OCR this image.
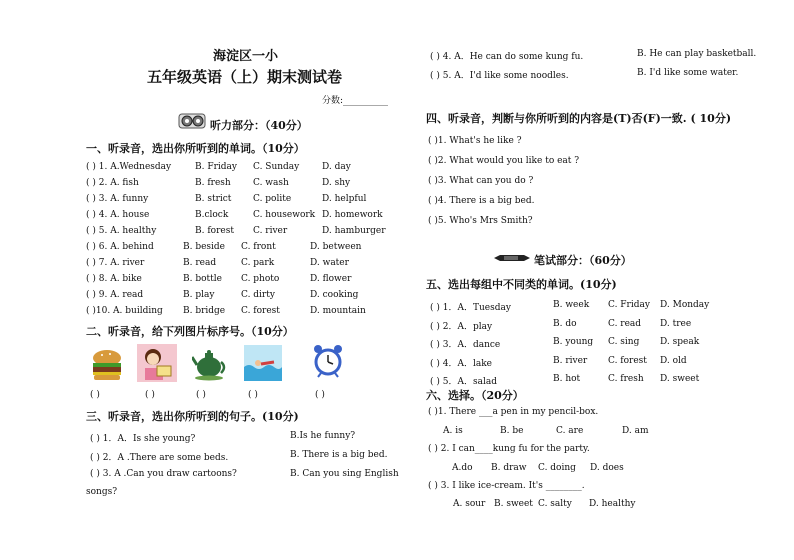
海淀区一小
五年级英语（上）期末测试卷
分数:__________
听力部分：（40分）
一、听录音，选出你所听到的单词。（10分）
( ) 1. A.Wednesday	B. Friday C. Sunday	D. day
( ) 2. A. fish	B. fresh C. wash	D. shy
( ) 3. A. funny	B. strict C. polite	D. helpful
( ) 4. A. house	B.clock	C. housework D. homework
( ) 5. A. healthy	B. forest C. river	D. hamburger
( ) 6. A. behind	B. beside C. front	D. between
( ) 7. A. river	B. read	C. park	D. water
( ) 8. A. bike	B. bottle C. photo	D. flower
( ) 9. A. read	B. play	C. dirty	D. cooking
( )10. A. building B. bridge C. forest	D. mountain
二、听录音，给下列图片标序号。（10分）
( )	( )	( )	( )	( )
三、听录音，选出你所听到的句子。(10分)
( ) 1．A．Is she young?	B.Is he funny?
( ) 2．A .There are some beds.	B. There is a big bed.
( ) 3. A .Can you draw cartoons?	B. Can you sing English
songs?
( ) 4. A．He can do some kung fu.	B. He can play basketball.
( ) 5. A．I'd like some noodles.	B. I'd like some water.
四、听录音，判断与你所听到的内容是(T)否(F)一致. ( 10分)
( )1. What's he like ?
( )2. What would you like to eat ?
( )3. What can you do ?
( )4. There is a big bed.
( )5. Who's Mrs Smith?
笔试部分：（60分）
五、选出每组中不同类的单词。(10分)
( ) 1．A．Tuesday	B. week C. Friday D. Monday
( ) 2．A．play	B. do	C. read D. tree
( ) 3．A．dance	B. young C. sing D. speak
( ) 4．A．lake	B. river C. forest D. old
( ) 5．A．salad	B. hot	C. fresh D. sweet
六、选择。（20分）
( )1. There ___a pen in my pencil-box.
A. is	B. be	C. are	D. am
( ) 2. I can____kung fu for the party.
A.do B. draw C. doing D. does
( ) 3. I like ice-cream. It's ________.
A. sour B. sweet C. salty D. healthy
